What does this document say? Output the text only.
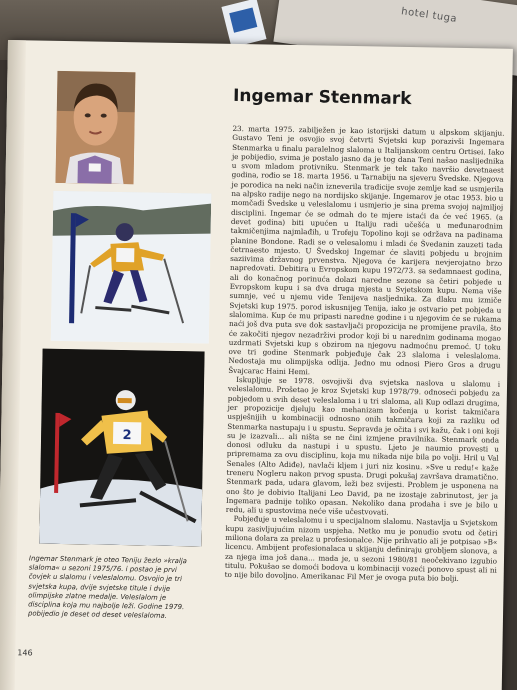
hotel tuga
2
Ingemar Stenmark

23. marta 1975. zabilježen je kao istorijski datum u alpskom skijanju. Gustavo Teni je osvojio svoj četvrti Svjetski kup porazivši Ingemara Stenmarka u finalu paralelnog slaloma u Italijanskom centru Ortisei. Iako je pobijedio, svima je postalo jasno da je tog dana Teni našao naslijednika u svom mladom protivniku. Stenmark je tek tako navršio devetnaest godina, rođio se 18. marta 1956. u Tarnabiju na sjeveru Švedske. Njegova je porodica na neki način izneverila tradicije svoje zemlje kad se usmjerila na alpsko radije nego na nordijsko skijanje. Ingemarov je otac 1953. bio u momčadi Švedske u veleslalomu i usmjerio je sina prema svojoj najmiljoj disciplini. Ingemar će se odmah do te mjere istaći da će već 1965. (a devet godina) biti upućen u Italiju radi učešća u međunarodnim takmičenjima najmlađih, u Trofeju Topolino koji se održava na padinama planine Bondone. Radi se o velesalomu i mladi će Švedanin zauzeti tada četrnaesto mjesto. U Švedskoj Ingemar će slaviti pobjedu u brojnim saziivima državnog prvenstva. Njegova će karijera nevjerojatno brzo napredovati. Debitira u Evropskom kupu 1972/73. sa sedamnaest godina, ali do konačnog porinuća dolazi naredne sezone sa četiri pobjede u Evropskom kupu i sa dva druga mjesta u Svjetskom kupu. Nema više sumnje, već u njemu vide Tenijeva nasljednika. Za dlaku mu izmiče Svjetski kup 1975. porod iskusnijeg Tenija, iako je ostvario pet pobjeda u slalomima. Kup će mu pripasti naredne godine i u njegovim će se rukama naći još dva puta sve dok sastavljači propozicija ne promijene pravila, što će zakočiti njegov nezadrživi prodor koji bi u narednim godinama mogao uzdrmati Svjetski kup s obzirom na njegovu nadmoćnu premoć. U toku ove tri godine Stenmark pobjeđuje čak 23 slaloma i veleslaloma. Nedostaja mu olimpijska odlija. Jedno mu odnosi Piero Gros a drugu Švajcarac Haini Hemi.

Iskupljuje se 1978. osvojivši dva svjetska naslova u slalomu i veleslalomu. Prošetao je kroz Svjetski kup 1978/79. odnoseći pobjedu za pobjedom u svih deset veleslaloma i u tri slaloma, ali Kup odlazi drugima, jer propozicije djeluju kao mehanizam kočenja u korist takmičara uspješnijih u kombinaciji odnosno onih takmičara koji za razliku od Stenmarka nastupaju i u spustu. Sepravda je očita i svi kažu, čak i oni koji su je izazvali... ali ništa se ne čini izmjene pravilnika. Stenmark onda donosi odluku da nastupi i u spustu. Ljeto je naumio provesti u pripremama za ovu disciplinu, koja mu nikada nije bila po volji. Hril u Val Senales (Alto Adiđe), navlači kljem i juri niz kosinu. »Sve u redu!« kaže treneru Nogleru nakon prvog spusta. Drugi pokušaj završava dramatično. Stenmark pada, udara glavom, leži bez svijesti. Problem je usponena na ono što je dobivio Italijani Leo David, pa ne izostaje zabrinutost, jer ja Ingemara padnije toliko opasan. Nekoliko dana prodaha i sve je bilo u redu, ali u spustovima neće više učestvovati.

Pobjeđuje u veleslalomu i u specijalnom slalomu. Nastavlja u Svjetskom kupu zasivljujućim nizom uspjeha. Netko mu je ponudio svotu od četiri miliona dolara za prelaz u profesionalce. Nije prihvatio ali je potpisao »B« licencu. Ambijent profesionalaca u skijanju definiraju grobljem slonova, a za njega ima još dana... mada je, u sezoni 1980/81 neočekivano izgubio titulu. Pokušao se domoći bodova u kombinaciji vozeći ponovo spust ali ni to nije bilo dovoljno. Amerikanac Fil Mer je ovoga puta bio bolji.

Ingemar Stenmark je oteo Teniju žezlo »kralja slaloma« u sezoni 1975/76. i postao je prvi čovjek u slalomu i veleslalomu. Osvojio je tri svjetska kupa, dvije svjetske titule i dvije olimpijske zlatne medalje. Veleslalom je disciplina koja mu najbolje leži. Godine 1979. pobijedio je deset od deset veleslaloma.

146
